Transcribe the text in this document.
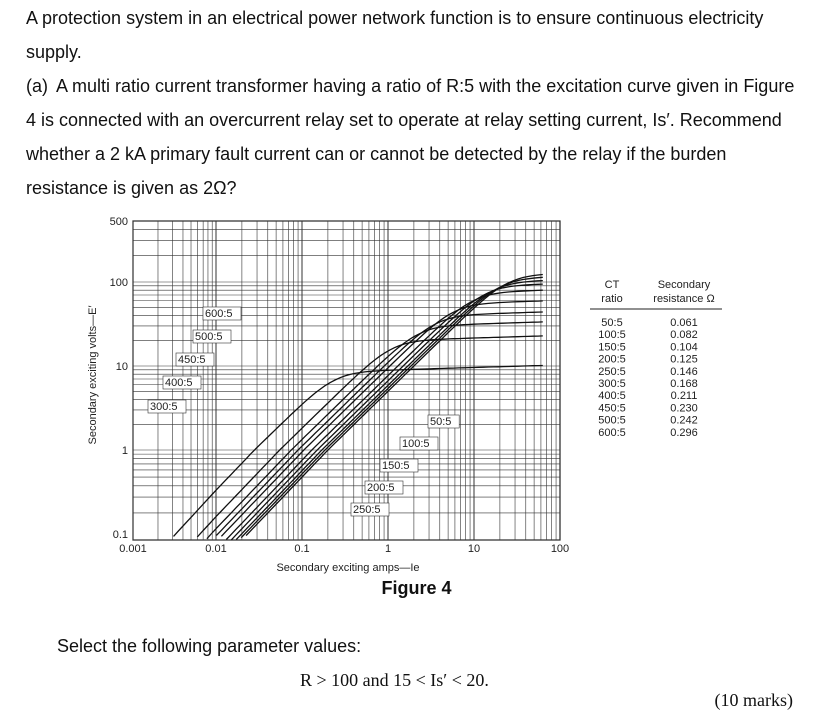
A protection system in an electrical power network function is to ensure continuous electricity supply.

(a) A multi ratio current transformer having a ratio of R:5 with the excitation curve given in Figure 4 is connected with an overcurrent relay set to operate at relay setting current, Is′. Recommend whether a 2 kA primary fault current can or cannot be detected by the relay if the burden resistance is given as 2Ω?

600:5
500:5
450:5
400:5
300:5
50:5
100:5
150:5
200:5
250:5
0.001	0.01	0.1	1	10	100
500
100
10
1
0.1
Secondary exciting amps—Ie
Secondary exciting volts—E′
CT
ratio
Secondary
resistance Ω
50:5	0.061
100:5	0.082
150:5	0.104
200:5	0.125
250:5	0.146
300:5	0.168
400:5	0.211
450:5	0.230
500:5	0.242
600:5	0.296
Figure 4
Select the following parameter values:
R > 100 and 15 < Is′ < 20.
(10 marks)
